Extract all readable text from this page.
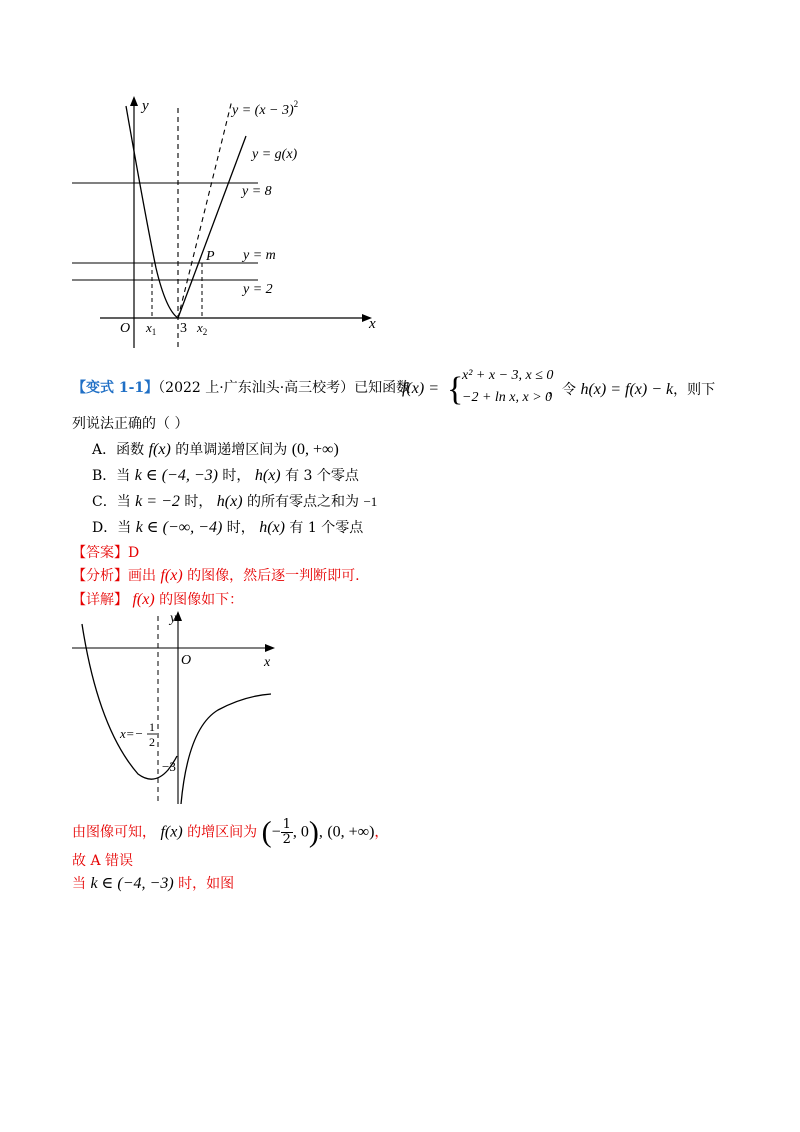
y
x
O $x_1$ 3 $x_2$
P
$y = (x - 3)^2$
y = g(x)
y = 8
y = m
y = 2
【变式 1-1】（2022 上·广东汕头·高三校考）已知函数
f(x) = {
x² + x − 3, x ≤ 0
−2 + ln x, x > 0
， 令 h(x) = f(x) − k，则下
列说法正确的（ ）
A．函数 f(x) 的单调递增区间为 (0, +∞)
B．当 k ∈ (−4, −3) 时， h(x) 有 3 个零点
C．当 k = −2 时， h(x) 的所有零点之和为 −1
D．当 k ∈ (−∞, −4) 时， h(x) 有 1 个零点
【答案】D
【分析】画出 f(x) 的图像，然后逐一判断即可.
【详解】 f(x) 的图像如下：
y
x
O
x=− 1
2
−3
由图像可知， f(x) 的增区间为 (− $\frac{1}{2}$ , 0), (0, +∞)，
故 A 错误
当 k ∈ (−4, −3) 时，如图
